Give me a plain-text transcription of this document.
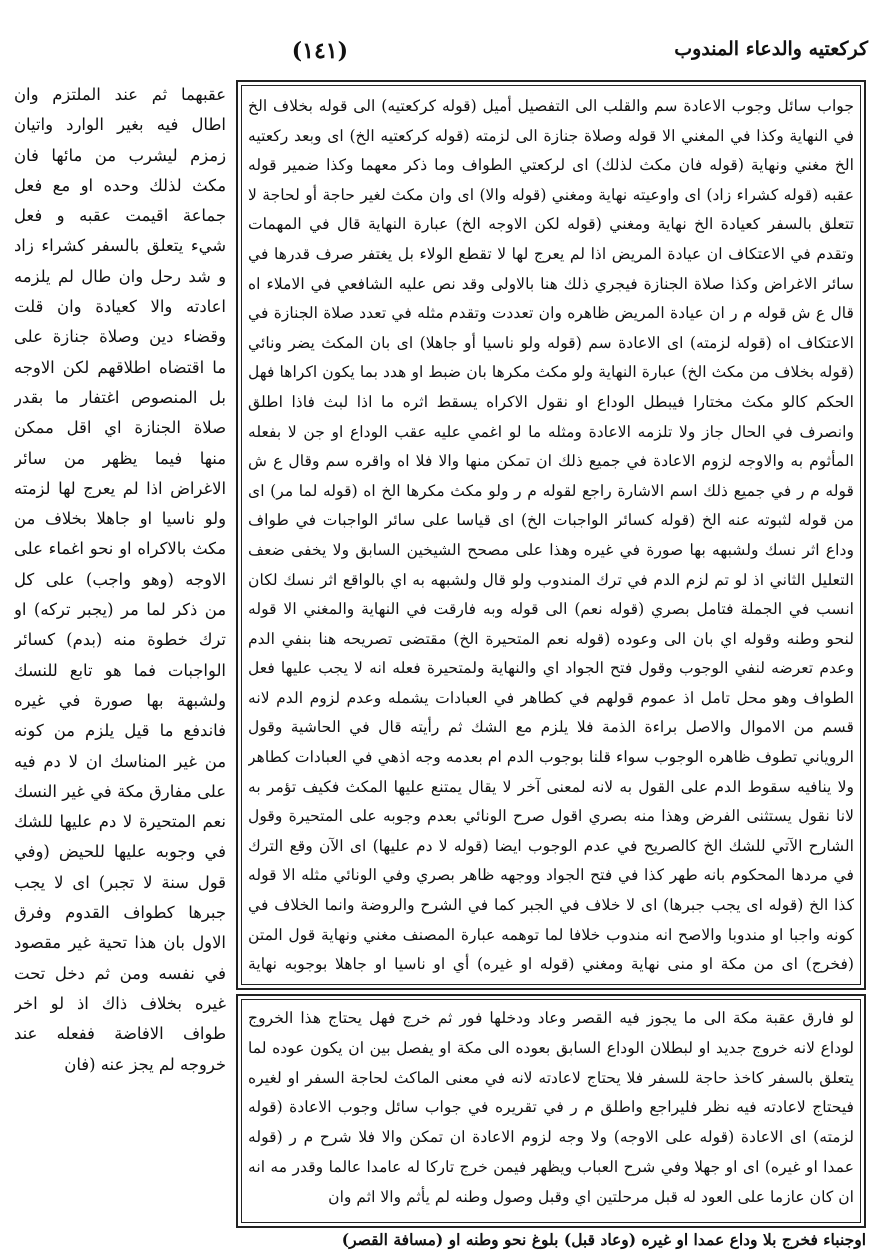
كركعتيه والدعاء المندوب
(١٤١)

جواب سائل وجوب الاعادة سم والقلب الى التفصيل أميل (قوله كركعتيه) الى قوله بخلاف الخ في النهاية وكذا في المغني الا قوله وصلاة جنازة الى لزمته (قوله كركعتيه الخ) اى وبعد ركعتيه الخ مغني ونهاية (قوله فان مكث لذلك) اى لركعتي الطواف وما ذكر معهما وكذا ضمير قوله عقبه (قوله كشراء زاد) اى واوعيته نهاية ومغني (قوله والا) اى وان مكث لغير حاجة أو لحاجة لا تتعلق بالسفر كعيادة الخ نهاية ومغني (قوله لكن الاوجه الخ) عبارة النهاية قال في المهمات وتقدم في الاعتكاف ان عيادة المريض اذا لم يعرج لها لا تقطع الولاء بل يغتفر صرف قدرها في سائر الاغراض وكذا صلاة الجنازة فيجري ذلك هنا بالاولى وقد نص عليه الشافعي في الاملاء اه قال ع ش قوله م ر ان عيادة المريض ظاهره وان تعددت وتقدم مثله في تعدد صلاة الجنازة في الاعتكاف اه (قوله لزمته) اى الاعادة سم (قوله ولو ناسيا أو جاهلا) اى بان المكث يضر ونائي (قوله بخلاف من مكث الخ) عبارة النهاية ولو مكث مكرها بان ضبط او هدد بما يكون اكراها فهل الحكم كالو مكث مختارا فيبطل الوداع او نقول الاكراه يسقط اثره ما اذا لبث فاذا اطلق وانصرف في الحال جاز ولا تلزمه الاعادة ومثله ما لو اغمي عليه عقب الوداع او جن لا بفعله المأثوم به والاوجه لزوم الاعادة في جميع ذلك ان تمكن منها والا فلا اه واقره سم وقال ع ش قوله م ر في جميع ذلك اسم الاشارة راجع لقوله م ر ولو مكث مكرها الخ اه (قوله لما مر) اى من قوله لثبوته عنه الخ (قوله كسائر الواجبات الخ) اى قياسا على سائر الواجبات في طواف وداع اثر نسك ولشبهه بها صورة في غيره وهذا على مصحح الشيخين السابق ولا يخفى ضعف التعليل الثاني اذ لو تم لزم الدم في ترك المندوب ولو قال ولشبهه به اي بالواقع اثر نسك لكان انسب في الجملة فتامل بصري (قوله نعم) الى قوله وبه فارقت في النهاية والمغني الا قوله لنحو وطنه وقوله اي بان الى وعوده (قوله نعم المتحيرة الخ) مقتضى تصريحه هنا بنفي الدم وعدم تعرضه لنفي الوجوب وقول فتح الجواد اي والنهاية ولمتحيرة فعله انه لا يجب عليها فعل الطواف وهو محل تامل اذ عموم قولهم في كطاهر في العبادات يشمله وعدم لزوم الدم لانه قسم من الاموال والاصل براءة الذمة فلا يلزم مع الشك ثم رأيته قال في الحاشية وقول الروياني تطوف ظاهره الوجوب سواء قلنا بوجوب الدم ام بعدمه وجه اذهي في العبادات كطاهر ولا ينافيه سقوط الدم على القول به لانه لمعنى آخر لا يقال يمتنع عليها المكث فكيف تؤمر به لانا نقول يستثنى الفرض وهذا منه بصري اقول صرح الونائي بعدم وجوبه على المتحيرة وقول الشارح الآتي للشك الخ كالصريح في عدم الوجوب ايضا (قوله لا دم عليها) اى الآن وقع الترك في مردها المحكوم بانه طهر كذا في فتح الجواد ووجهه ظاهر بصري وفي الونائي مثله الا قوله كذا الخ (قوله اى يجب جبرها) اى لا خلاف في الجبر كما في الشرح والروضة وانما الخلاف في كونه واجبا او مندوبا والاصح انه مندوب خلافا لما توهمه عبارة المصنف مغني ونهاية قول المتن (فخرج) اى من مكة او منى نهاية ومغني (قوله او غيره) أي او ناسيا او جاهلا بوجوبه نهاية

لو فارق عقبة مكة الى ما يجوز فيه القصر وعاد ودخلها فور ثم خرج فهل يحتاج هذا الخروج لوداع لانه خروج جديد او لبطلان الوداع السابق بعوده الى مكة او يفصل بين ان يكون عوده لما يتعلق بالسفر كاخذ حاجة للسفر فلا يحتاج لاعادته لانه في معنى الماكث لحاجة السفر او لغيره فيحتاج لاعادته فيه نظر فليراجع واطلق م ر في تقريره في جواب سائل وجوب الاعادة (قوله لزمته) اى الاعادة (قوله على الاوجه) ولا وجه لزوم الاعادة ان تمكن والا فلا شرح م ر (قوله عمدا او غيره) اى او جهلا وفي شرح العباب ويظهر فيمن خرج تاركا له عامدا عالما وقدر مه انه ان كان عازما على العود له قبل مرحلتين اي وقبل وصول وطنه لم يأثم والا اثم وان

عقبهما ثم عند الملتزم وان اطال فيه بغير الوارد واتيان زمزم ليشرب من مائها فان مكث لذلك وحده او مع فعل جماعة اقيمت عقبه و فعل شيء يتعلق بالسفر كشراء زاد و شد رحل وان طال لم يلزمه اعادته والا كعيادة وان قلت وقضاء دين وصلاة جنازة على ما اقتضاه اطلاقهم لكن الاوجه بل المنصوص اغتفار ما بقدر صلاة الجنازة اي اقل ممكن منها فيما يظهر من سائر الاغراض اذا لم يعرج لها لزمته ولو ناسيا او جاهلا بخلاف من مكث بالاكراه او نحو اغماء على الاوجه (وهو واجب) على كل من ذكر لما مر (يجبر تركه) او ترك خطوة منه (بدم) كسائر الواجبات فما هو تابع للنسك ولشبهة بها صورة في غيره فاندفع ما قيل يلزم من كونه من غير المناسك ان لا دم فيه على مفارق مكة في غير النسك نعم المتحيرة لا دم عليها للشك في وجوبه عليها للحيض (وفي قول سنة لا تجبر) اى لا يجب جبرها كطواف القدوم وفرق الاول بان هذا تحية غير مقصود في نفسه ومن ثم دخل تحت غيره بخلاف ذاك اذ لو اخر طواف الافاضة ففعله عند خروجه لم يجز عنه (فان

اوجنباء فخرج بلا وداع عمدا او غيره (وعاد قبل) بلوغ نحو وطنه او (مسافة القصر)
